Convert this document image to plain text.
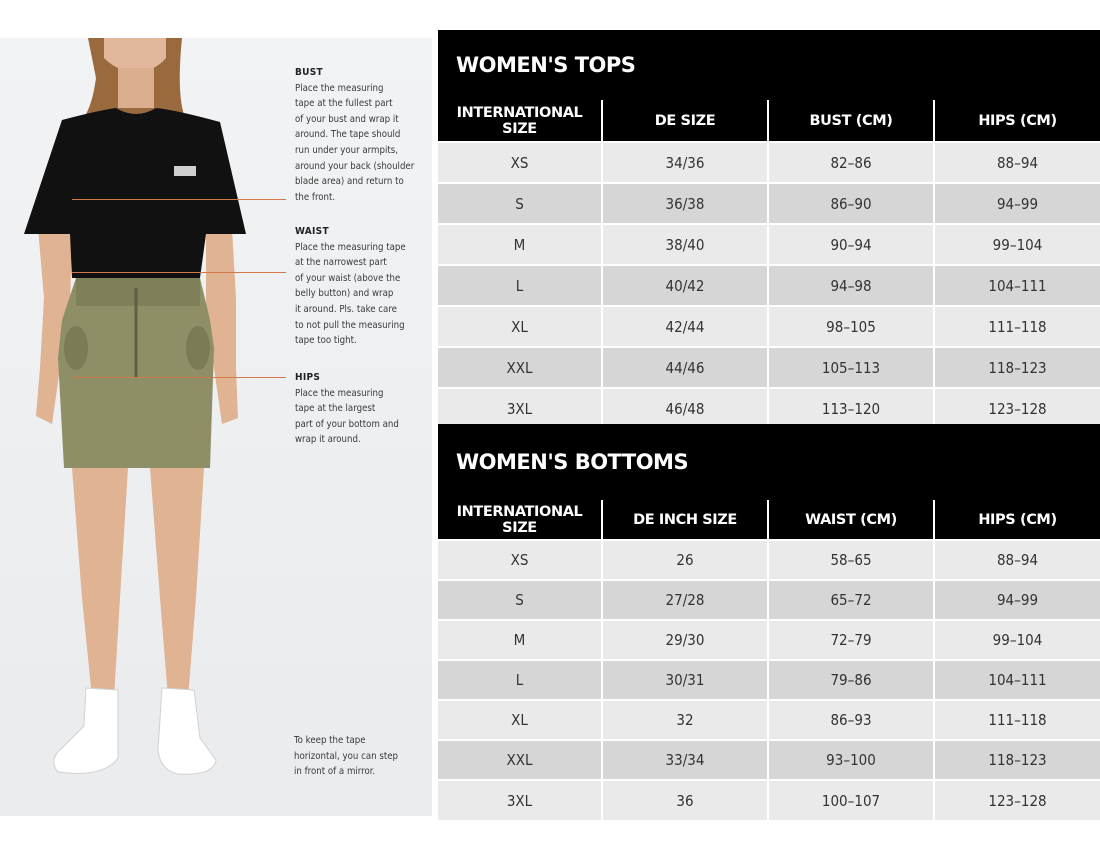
BUST
Place the measuring
tape at the fullest part
of your bust and wrap it
around. The tape should
run under your armpits,
around your back (shoulder
blade area) and return to
the front.
WAIST
Place the measuring tape
at the narrowest part
of your waist (above the
belly button) and wrap
it around. Pls. take care
to not pull the measuring
tape too tight.
HIPS
Place the measuring
tape at the largest
part of your bottom and
wrap it around.
To keep the tape
horizontal, you can step
in front of a mirror.
WOMEN'S TOPS
INTERNATIONAL SIZE	DE SIZE	BUST (CM)	HIPS (CM)
XS	34/36	82–86	88–94
S	36/38	86–90	94–99
M	38/40	90–94	99–104
L	40/42	94–98	104–111
XL	42/44	98–105	111–118
XXL	44/46	105–113	118–123
3XL	46/48	113–120	123–128
WOMEN'S BOTTOMS
INTERNATIONAL SIZE	DE INCH SIZE	WAIST (CM)	HIPS (CM)
XS	26	58–65	88–94
S	27/28	65–72	94–99
M	29/30	72–79	99–104
L	30/31	79–86	104–111
XL	32	86–93	111–118
XXL	33/34	93–100	118–123
3XL	36	100–107	123–128
